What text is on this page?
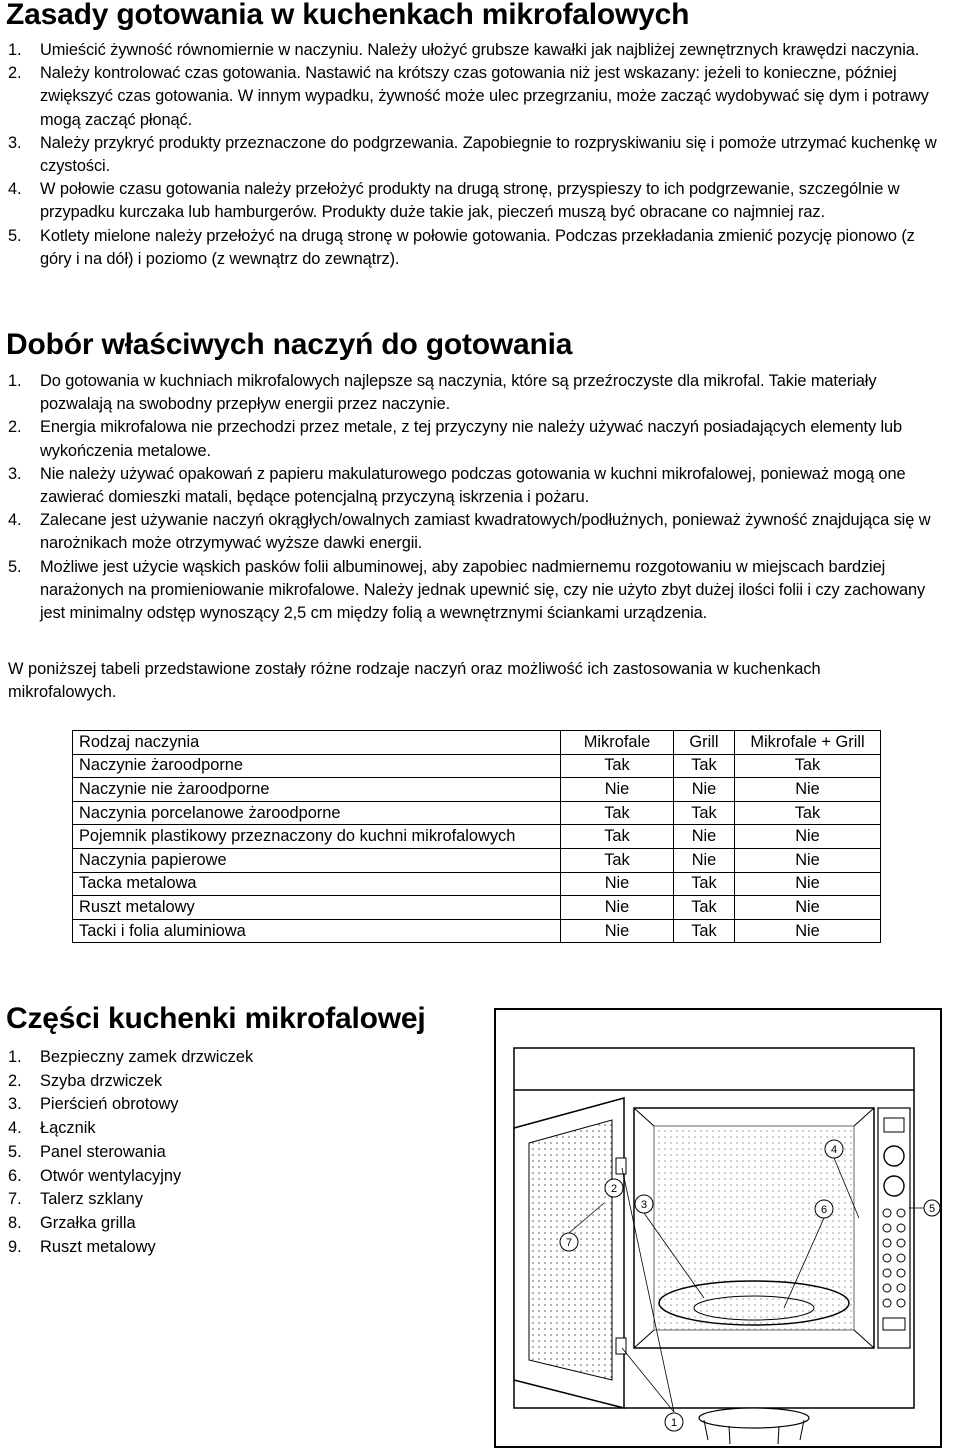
Zasady gotowania w kuchenkach mikrofalowych
1.	Umieścić żywność równomiernie w naczyniu. Należy ułożyć grubsze kawałki jak najbliżej zewnętrznych krawędzi naczynia.
2.	Należy kontrolować czas gotowania. Nastawić na krótszy czas gotowania niż jest wskazany: jeżeli to konieczne, później zwiększyć czas gotowania. W innym wypadku, żywność może ulec przegrzaniu, może zacząć wydobywać się dym i potrawy mogą zacząć płonąć.
3.	Należy przykryć produkty przeznaczone do podgrzewania. Zapobiegnie to rozpryskiwaniu się i pomoże utrzymać kuchenkę w czystości.
4.	W połowie czasu gotowania należy przełożyć produkty na drugą stronę, przyspieszy to ich podgrzewanie, szczególnie w przypadku kurczaka lub hamburgerów. Produkty duże takie jak, pieczeń muszą być obracane co najmniej raz.
5.	Kotlety mielone należy przełożyć na drugą stronę w połowie gotowania. Podczas przekładania zmienić pozycję pionowo (z góry i na dół) i poziomo (z wewnątrz do zewnątrz).
Dobór właściwych naczyń do gotowania
1.	Do gotowania w kuchniach mikrofalowych najlepsze są naczynia, które są przeźroczyste dla mikrofal. Takie materiały pozwalają na swobodny przepływ energii przez naczynie.
2.	Energia mikrofalowa nie przechodzi przez metale, z tej przyczyny nie należy używać naczyń posiadających elementy lub wykończenia metalowe.
3.	Nie należy używać opakowań z papieru makulaturowego podczas gotowania w kuchni mikrofalowej, ponieważ mogą one zawierać domieszki matali, będące potencjalną przyczyną iskrzenia i pożaru.
4.	Zalecane jest używanie naczyń okrągłych/owalnych zamiast kwadratowych/podłużnych, ponieważ żywność znajdująca się w narożnikach może otrzymywać wyższe dawki energii.
5.	Możliwe jest użycie wąskich pasków folii albuminowej, aby zapobiec nadmiernemu rozgotowaniu w miejscach bardziej narażonych na promieniowanie mikrofalowe. Należy jednak upewnić się, czy nie użyto zbyt dużej ilości folii i czy zachowany jest minimalny odstęp wynoszący 2,5 cm między folią a wewnętrznymi ściankami urządzenia.
W poniższej tabeli przedstawione zostały różne rodzaje naczyń oraz możliwość ich zastosowania w kuchenkach mikrofalowych.
Rodzaj naczynia	Mikrofale	Grill	Mikrofale + Grill
Naczynie żaroodporne	Tak	Tak	Tak
Naczynie nie żaroodporne	Nie	Nie	Nie
Naczynia porcelanowe żaroodporne	Tak	Tak	Tak
Pojemnik plastikowy przeznaczony do kuchni mikrofalowych	Tak	Nie	Nie
Naczynia papierowe	Tak	Nie	Nie
Tacka metalowa	Nie	Tak	Nie
Ruszt metalowy	Nie	Tak	Nie
Tacki i folia aluminiowa	Nie	Tak	Nie
Części kuchenki mikrofalowej
1.	Bezpieczny zamek drzwiczek
2.	Szyba drzwiczek
3.	Pierścień obrotowy
4.	Łącznik
5.	Panel sterowania
6.	Otwór wentylacyjny
7.	Talerz szklany
8.	Grzałka grilla
9.	Ruszt metalowy
1
2
3
4
5
6
7
